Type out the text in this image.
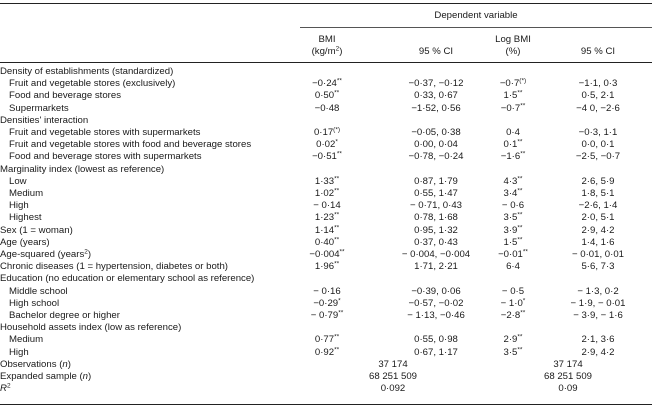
Dependent variable
BMI
$(kg/m^2)$	95 % CI
Log BMI
(%)	95 % CI
Density of establishments (standardized)
Fruit and vegetable stores (exclusively)	−0·24**	−0·37, −0·12	−0·7(*)	−1·1, 0·3
Food and beverage stores	0·50**	0·33, 0·67	1·5**	0·5, 2·1
Supermarkets	−0·48	−1·52, 0·56	−0·7**	−4 0, −2·6
Densities' interaction
Fruit and vegetable stores with supermarkets	0·17(*)	−0·05, 0·38	0·4	−0·3, 1·1
Fruit and vegetable stores with food and beverage stores	0·02*	0·00, 0·04	0·1**	0·0, 0·1
Food and beverage stores with supermarkets	−0·51**	−0·78, −0·24	−1·6**	−2·5, −0·7
Marginality index (lowest as reference)
Low	1·33**	0·87, 1·79	4·3**	2·6, 5·9
Medium	1·02**	0·55, 1·47	3·4**	1·8, 5·1
High	− 0·14	− 0·71, 0·43	− 0·6	−2·6, 1·4
Highest	1·23**	0·78, 1·68	3·5**	2·0, 5·1
Sex (1 = woman)	1·14**	0·95, 1·32	3·9**	2·9, 4·2
Age (years)	0·40**	0·37, 0·43	1·5**	1·4, 1·6
Age-squared (years$^2$)	−0·004**	− 0·004, −0·004	−0·01**	− 0·01, 0·01
Chronic diseases (1 = hypertension, diabetes or both)	1·96**	1·71, 2·21	6·4	5·6, 7·3
Education (no education or elementary school as reference)
Middle school	− 0·16	−0·39, 0·06	− 0·5	− 1·3, 0·2
High school	−0·29*	−0·57, −0·02	− 1·0*	− 1·9, − 0·01
Bachelor degree or higher	− 0·79**	− 1·13, −0·46	−2·8**	− 3·9, − 1·6
Household assets index (low as reference)
Medium	0·77**	0·55, 0·98	2·9**	2·1, 3·6
High	0·92**	0·67, 1·17	3·5**	2·9, 4·2
Observations (n)	37 174	37 174
Expanded sample (n)	68 251 509	68 251 509
$R^2$	0·092	0·09
